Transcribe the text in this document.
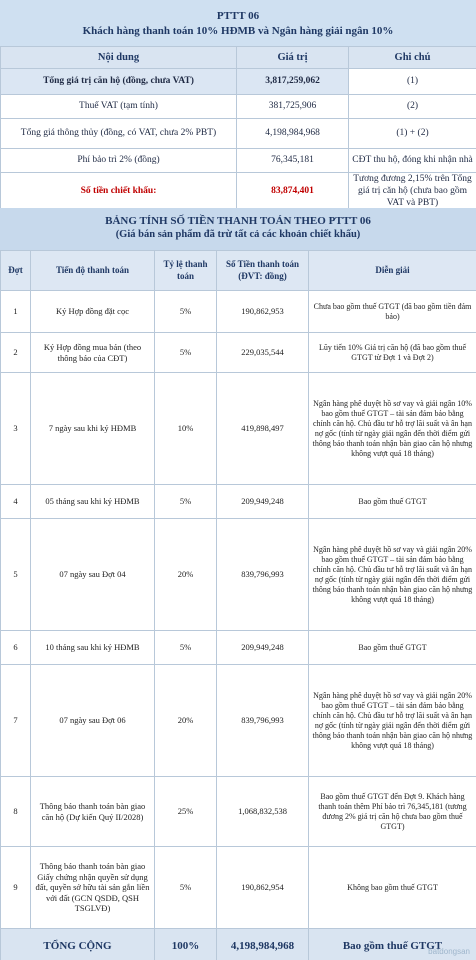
PTTT 06
Khách hàng thanh toán 10% HĐMB và Ngân hàng giải ngân 10%
Nội dung	Giá trị	Ghi chú
Tổng giá trị căn hộ (đồng, chưa VAT)	3,817,259,062	(1)
Thuế VAT (tạm tính)	381,725,906	(2)
Tổng giá thông thủy (đồng, có VAT, chưa 2% PBT)	4,198,984,968	(1) + (2)
Phí bảo trì 2% (đồng)	76,345,181	CĐT thu hộ, đóng khi nhận nhà
Số tiền chiết khấu:	83,874,401	Tương đương 2,15% trên Tổng giá trị căn hộ (chưa bao gồm VAT và PBT)
BẢNG TÍNH SỐ TIỀN THANH TOÁN THEO PTTT 06
(Giá bán sản phẩm đã trừ tất cả các khoản chiết khấu)
Đợt	Tiến độ thanh toán	Tỷ lệ thanh toán	Số Tiền thanh toán (ĐVT: đồng)	Diễn giải
1	Ký Hợp đồng đặt cọc	5%	190,862,953	Chưa bao gồm thuế GTGT (đã bao gồm tiền đảm bảo)
2	Ký Hợp đồng mua bán (theo thông báo của CĐT)	5%	229,035,544	Lũy tiến 10% Giá trị căn hộ (đã bao gồm thuế GTGT từ Đợt 1 và Đợt 2)
3	7 ngày sau khi ký HĐMB	10%	419,898,497	Ngân hàng phê duyệt hồ sơ vay và giải ngân 10% bao gồm thuế GTGT – tài sản đảm bảo bằng chính căn hộ. Chủ đầu tư hỗ trợ lãi suất và ân hạn nợ gốc (tính từ ngày giải ngân đến thời điểm gửi thông báo thanh toán nhận bàn giao căn hộ nhưng không vượt quá 18 tháng)
4	05 tháng sau khi ký HĐMB	5%	209,949,248	Bao gồm thuế GTGT
5	07 ngày sau Đợt 04	20%	839,796,993	Ngân hàng phê duyệt hồ sơ vay và giải ngân 20% bao gồm thuế GTGT – tài sản đảm bảo bằng chính căn hộ. Chủ đầu tư hỗ trợ lãi suất và ân hạn nợ gốc (tính từ ngày giải ngân đến thời điểm gửi thông báo thanh toán nhận bàn giao căn hộ nhưng không vượt quá 18 tháng)
6	10 tháng sau khi ký HĐMB	5%	209,949,248	Bao gồm thuế GTGT
7	07 ngày sau Đợt 06	20%	839,796,993	Ngân hàng phê duyệt hồ sơ vay và giải ngân 20% bao gồm thuế GTGT – tài sản đảm bảo bằng chính căn hộ. Chủ đầu tư hỗ trợ lãi suất và ân hạn nợ gốc (tính từ ngày giải ngân đến thời điểm gửi thông báo thanh toán nhận bàn giao căn hộ nhưng không vượt quá 18 tháng)
8	Thông báo thanh toán bàn giao căn hộ (Dự kiến Quý II/2028)	25%	1,068,832,538	Bao gồm thuế GTGT đến Đợt 9. Khách hàng thanh toán thêm Phí bảo trì 76,345,181 (tương đương 2% giá trị căn hộ chưa bao gồm thuế GTGT)
9	Thông báo thanh toán bàn giao Giấy chứng nhận quyền sử dụng đất, quyền sở hữu tài sản gắn liền với đất (GCN QSDĐ, QSH TSGLVĐ)	5%	190,862,954	Không bao gồm thuế GTGT
TỔNG CỘNG		100%	4,198,984,968	Bao gồm thuế GTGT
batdongsan
